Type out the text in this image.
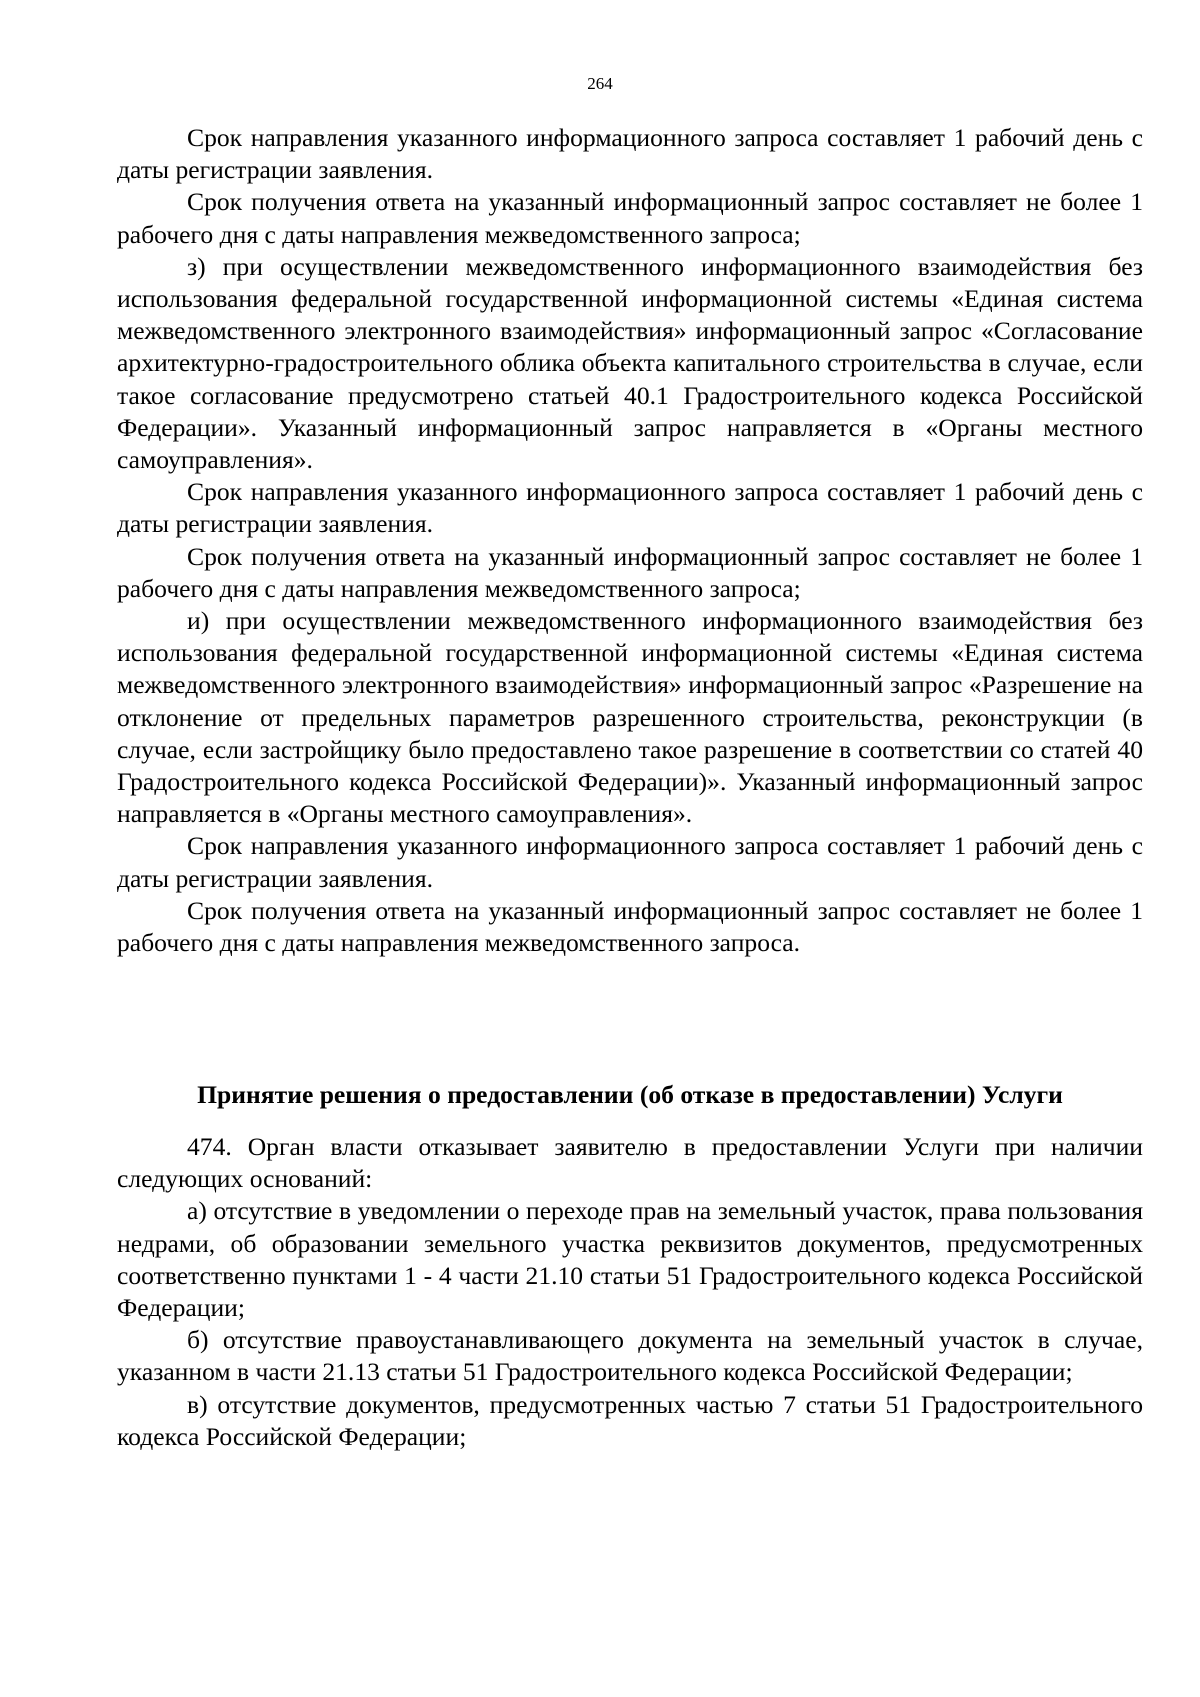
264

Срок направления указанного информационного запроса составляет 1 рабочий день с даты регистрации заявления.

Срок получения ответа на указанный информационный запрос составляет не более 1 рабочего дня с даты направления межведомственного запроса;

з) при осуществлении межведомственного информационного взаимодействия без использования федеральной государственной информационной системы «Единая система межведомственного электронного взаимодействия» информационный запрос «Согласование архитектурно-градостроительного облика объекта капитального строительства в случае, если такое согласование предусмотрено статьей 40.1 Градостроительного кодекса Российской Федерации». Указанный информационный запрос направляется в «Органы местного самоуправления».

Срок направления указанного информационного запроса составляет 1 рабочий день с даты регистрации заявления.

Срок получения ответа на указанный информационный запрос составляет не более 1 рабочего дня с даты направления межведомственного запроса;

и) при осуществлении межведомственного информационного взаимодействия без использования федеральной государственной информационной системы «Единая система межведомственного электронного взаимодействия» информационный запрос «Разрешение на отклонение от предельных параметров разрешенного строительства, реконструкции (в случае, если застройщику было предоставлено такое разрешение в соответствии со статей 40 Градостроительного кодекса Российской Федерации)». Указанный информационный запрос направляется в «Органы местного самоуправления».

Срок направления указанного информационного запроса составляет 1 рабочий день с даты регистрации заявления.

Срок получения ответа на указанный информационный запрос составляет не более 1 рабочего дня с даты направления межведомственного запроса.

Принятие решения о предоставлении (об отказе в предоставлении) Услуги

474. Орган власти отказывает заявителю в предоставлении Услуги при наличии следующих оснований:

а) отсутствие в уведомлении о переходе прав на земельный участок, права пользования недрами, об образовании земельного участка реквизитов документов, предусмотренных соответственно пунктами 1 - 4 части 21.10 статьи 51 Градостроительного кодекса Российской Федерации;

б) отсутствие правоустанавливающего документа на земельный участок в случае, указанном в части 21.13 статьи 51 Градостроительного кодекса Российской Федерации;

в) отсутствие документов, предусмотренных частью 7 статьи 51 Градостроительного кодекса Российской Федерации;
